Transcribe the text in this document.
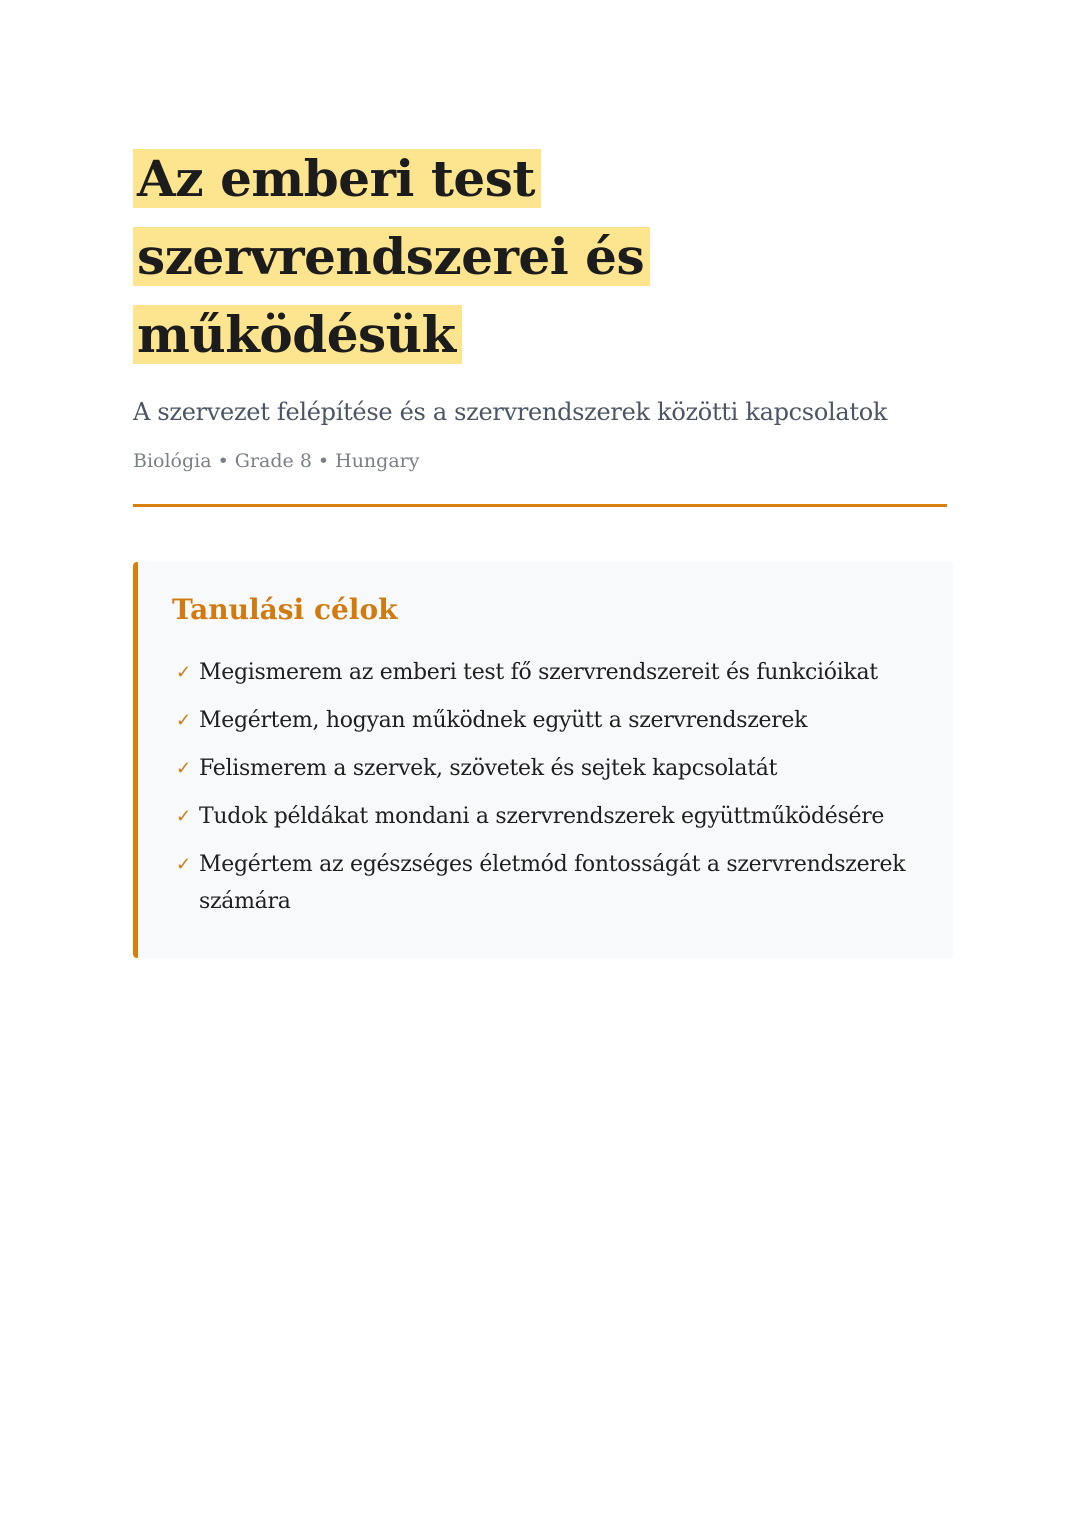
Az emberi test szervrendszerei és működésük

A szervezet felépítése és a szervrendszerek közötti kapcsolatok

Biológia • Grade 8 • Hungary

Tanulási célok
✓ Megismerem az emberi test fő szervrendszereit és funkcióikat
✓ Megértem, hogyan működnek együtt a szervrendszerek
✓ Felismerem a szervek, szövetek és sejtek kapcsolatát
✓ Tudok példákat mondani a szervrendszerek együttműködésére
✓ Megértem az egészséges életmód fontosságát a szervrendszerek számára
